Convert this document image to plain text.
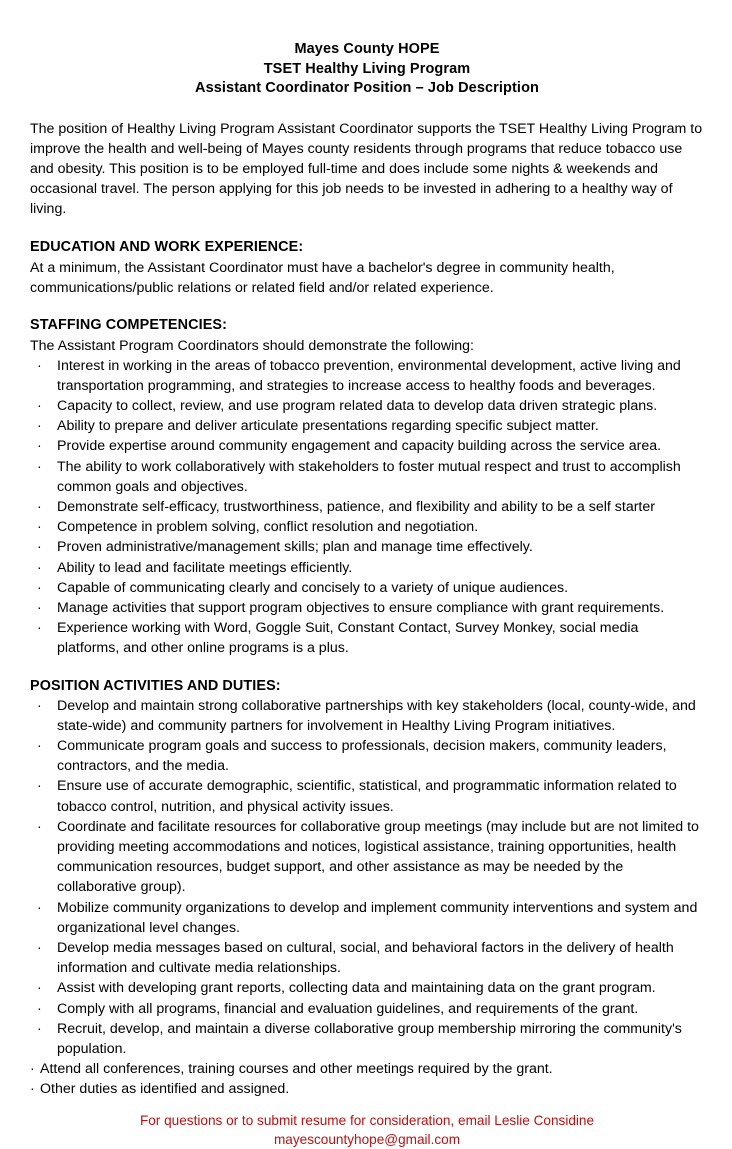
Mayes County HOPE
TSET Healthy Living Program
Assistant Coordinator Position – Job Description

The position of Healthy Living Program Assistant Coordinator supports the TSET Healthy Living Program to improve the health and well-being of Mayes county residents through programs that reduce tobacco use and obesity. This position is to be employed full-time and does include some nights & weekends and occasional travel. The person applying for this job needs to be invested in adhering to a healthy way of living.

EDUCATION AND WORK EXPERIENCE:
At a minimum, the Assistant Coordinator must have a bachelor's degree in community health, communications/public relations or related field and/or related experience.
STAFFING COMPETENCIES:
The Assistant Program Coordinators should demonstrate the following:
· Interest in working in the areas of tobacco prevention, environmental development, active living and transportation programming, and strategies to increase access to healthy foods and beverages.
· Capacity to collect, review, and use program related data to develop data driven strategic plans.
· Ability to prepare and deliver articulate presentations regarding specific subject matter.
· Provide expertise around community engagement and capacity building across the service area.
· The ability to work collaboratively with stakeholders to foster mutual respect and trust to accomplish common goals and objectives.
· Demonstrate self-efficacy, trustworthiness, patience, and flexibility and ability to be a self starter
· Competence in problem solving, conflict resolution and negotiation.
· Proven administrative/management skills; plan and manage time effectively.
· Ability to lead and facilitate meetings efficiently.
· Capable of communicating clearly and concisely to a variety of unique audiences.
· Manage activities that support program objectives to ensure compliance with grant requirements.
· Experience working with Word, Goggle Suit, Constant Contact, Survey Monkey, social media platforms, and other online programs is a plus.
POSITION ACTIVITIES AND DUTIES:
· Develop and maintain strong collaborative partnerships with key stakeholders (local, county-wide, and state-wide) and community partners for involvement in Healthy Living Program initiatives.
· Communicate program goals and success to professionals, decision makers, community leaders, contractors, and the media.
· Ensure use of accurate demographic, scientific, statistical, and programmatic information related to tobacco control, nutrition, and physical activity issues.
· Coordinate and facilitate resources for collaborative group meetings (may include but are not limited to providing meeting accommodations and notices, logistical assistance, training opportunities, health communication resources, budget support, and other assistance as may be needed by the collaborative group).
· Mobilize community organizations to develop and implement community interventions and system and organizational level changes.
· Develop media messages based on cultural, social, and behavioral factors in the delivery of health information and cultivate media relationships.
· Assist with developing grant reports, collecting data and maintaining data on the grant program.
· Comply with all programs, financial and evaluation guidelines, and requirements of the grant.
· Recruit, develop, and maintain a diverse collaborative group membership mirroring the community's population.
· Attend all conferences, training courses and other meetings required by the grant.
· Other duties as identified and assigned.
For questions or to submit resume for consideration, email Leslie Considine
mayescountyhope@gmail.com
